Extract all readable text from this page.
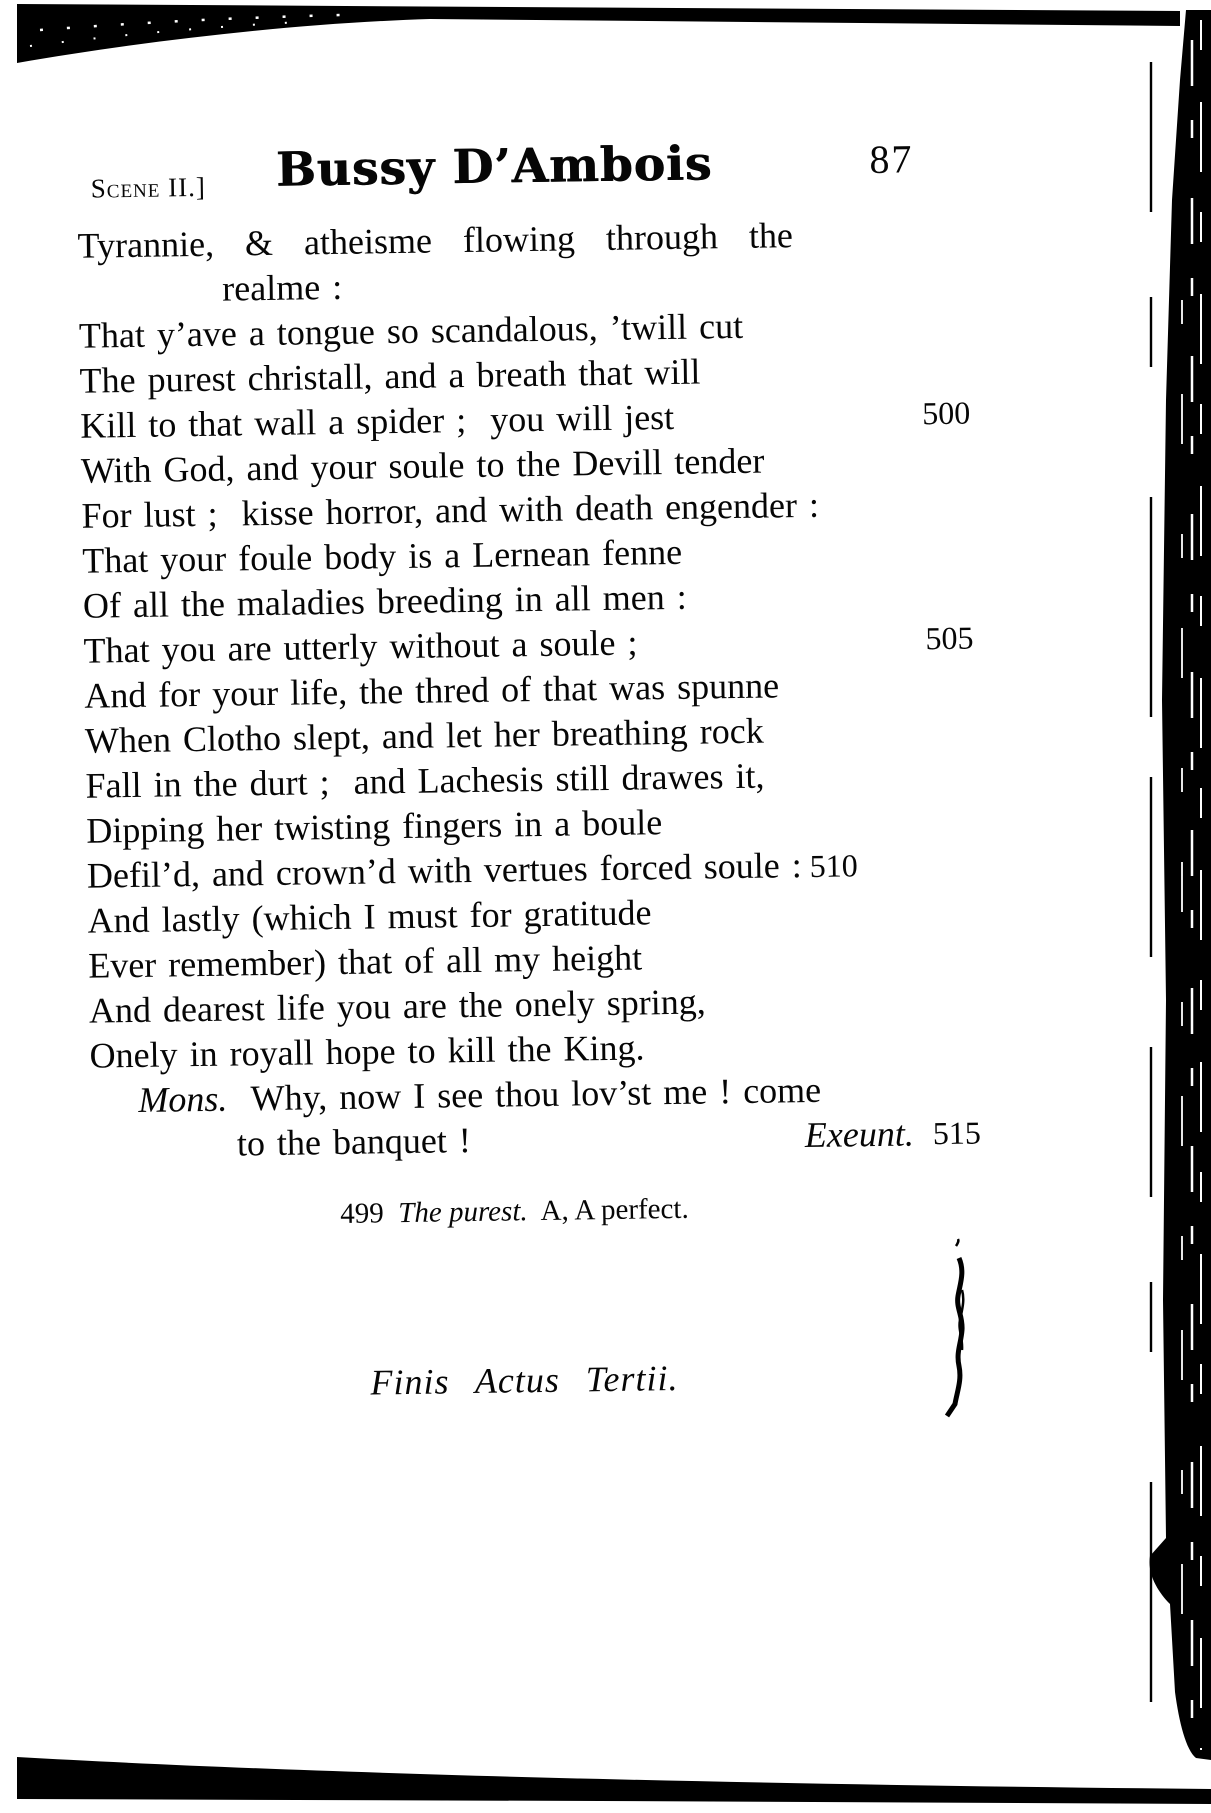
Scene II.]	Bussy D’Ambois	87
Tyrannie, & atheisme flowing through the
realme :
That y’ave a tongue so scandalous, ’twill cut
The purest christall, and a breath that will
Kill to that wall a spider ;  you will jest	500
With God, and your soule to the Devill tender
For lust ;  kisse horror, and with death engender :
That your foule body is a Lernean fenne
Of all the maladies breeding in all men :
That you are utterly without a soule ;	505
And for your life, the thred of that was spunne
When Clotho slept, and let her breathing rock
Fall in the durt ;  and Lachesis still drawes it,
Dipping her twisting fingers in a boule
Defil’d, and crown’d with vertues forced soule : 510
And lastly (which I must for gratitude
Ever remember) that of all my height
And dearest life you are the onely spring,
Onely in royall hope to kill the King.
Mons.  Why, now I see thou lov’st me ! come
to the banquet !	Exeunt. 515
499  The purest.  A, A perfect.
Finis Actus Tertii.
